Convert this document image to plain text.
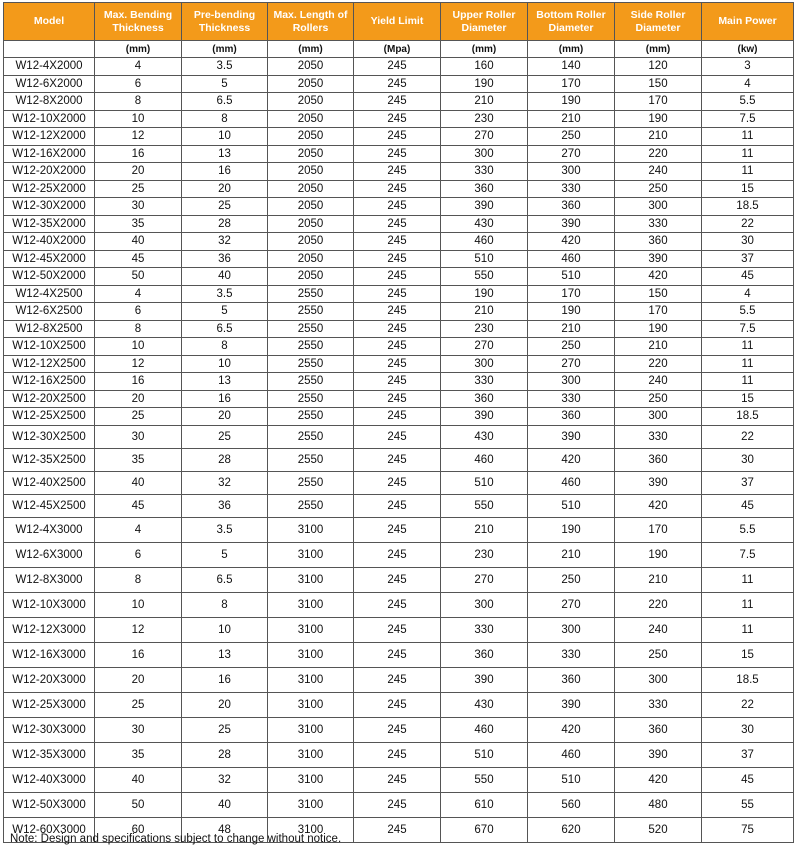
Model	Max. Bending Thickness	Pre-bending Thickness	Max. Length of Rollers	Yield Limit	Upper Roller Diameter	Bottom Roller Diameter	Side Roller Diameter	Main Power
	(mm)	(mm)	(mm)	(Mpa)	(mm)	(mm)	(mm)	(kw)
W12-4X2000	4	3.5	2050	245	160	140	120	3
W12-6X2000	6	5	2050	245	190	170	150	4
W12-8X2000	8	6.5	2050	245	210	190	170	5.5
W12-10X2000	10	8	2050	245	230	210	190	7.5
W12-12X2000	12	10	2050	245	270	250	210	11
W12-16X2000	16	13	2050	245	300	270	220	11
W12-20X2000	20	16	2050	245	330	300	240	11
W12-25X2000	25	20	2050	245	360	330	250	15
W12-30X2000	30	25	2050	245	390	360	300	18.5
W12-35X2000	35	28	2050	245	430	390	330	22
W12-40X2000	40	32	2050	245	460	420	360	30
W12-45X2000	45	36	2050	245	510	460	390	37
W12-50X2000	50	40	2050	245	550	510	420	45
W12-4X2500	4	3.5	2550	245	190	170	150	4
W12-6X2500	6	5	2550	245	210	190	170	5.5
W12-8X2500	8	6.5	2550	245	230	210	190	7.5
W12-10X2500	10	8	2550	245	270	250	210	11
W12-12X2500	12	10	2550	245	300	270	220	11
W12-16X2500	16	13	2550	245	330	300	240	11
W12-20X2500	20	16	2550	245	360	330	250	15
W12-25X2500	25	20	2550	245	390	360	300	18.5
W12-30X2500	30	25	2550	245	430	390	330	22
W12-35X2500	35	28	2550	245	460	420	360	30
W12-40X2500	40	32	2550	245	510	460	390	37
W12-45X2500	45	36	2550	245	550	510	420	45
W12-4X3000	4	3.5	3100	245	210	190	170	5.5
W12-6X3000	6	5	3100	245	230	210	190	7.5
W12-8X3000	8	6.5	3100	245	270	250	210	11
W12-10X3000	10	8	3100	245	300	270	220	11
W12-12X3000	12	10	3100	245	330	300	240	11
W12-16X3000	16	13	3100	245	360	330	250	15
W12-20X3000	20	16	3100	245	390	360	300	18.5
W12-25X3000	25	20	3100	245	430	390	330	22
W12-30X3000	30	25	3100	245	460	420	360	30
W12-35X3000	35	28	3100	245	510	460	390	37
W12-40X3000	40	32	3100	245	550	510	420	45
W12-50X3000	50	40	3100	245	610	560	480	55
W12-60X3000	60	48	3100	245	670	620	520	75
Note: Design and specifications subject to change without notice.
